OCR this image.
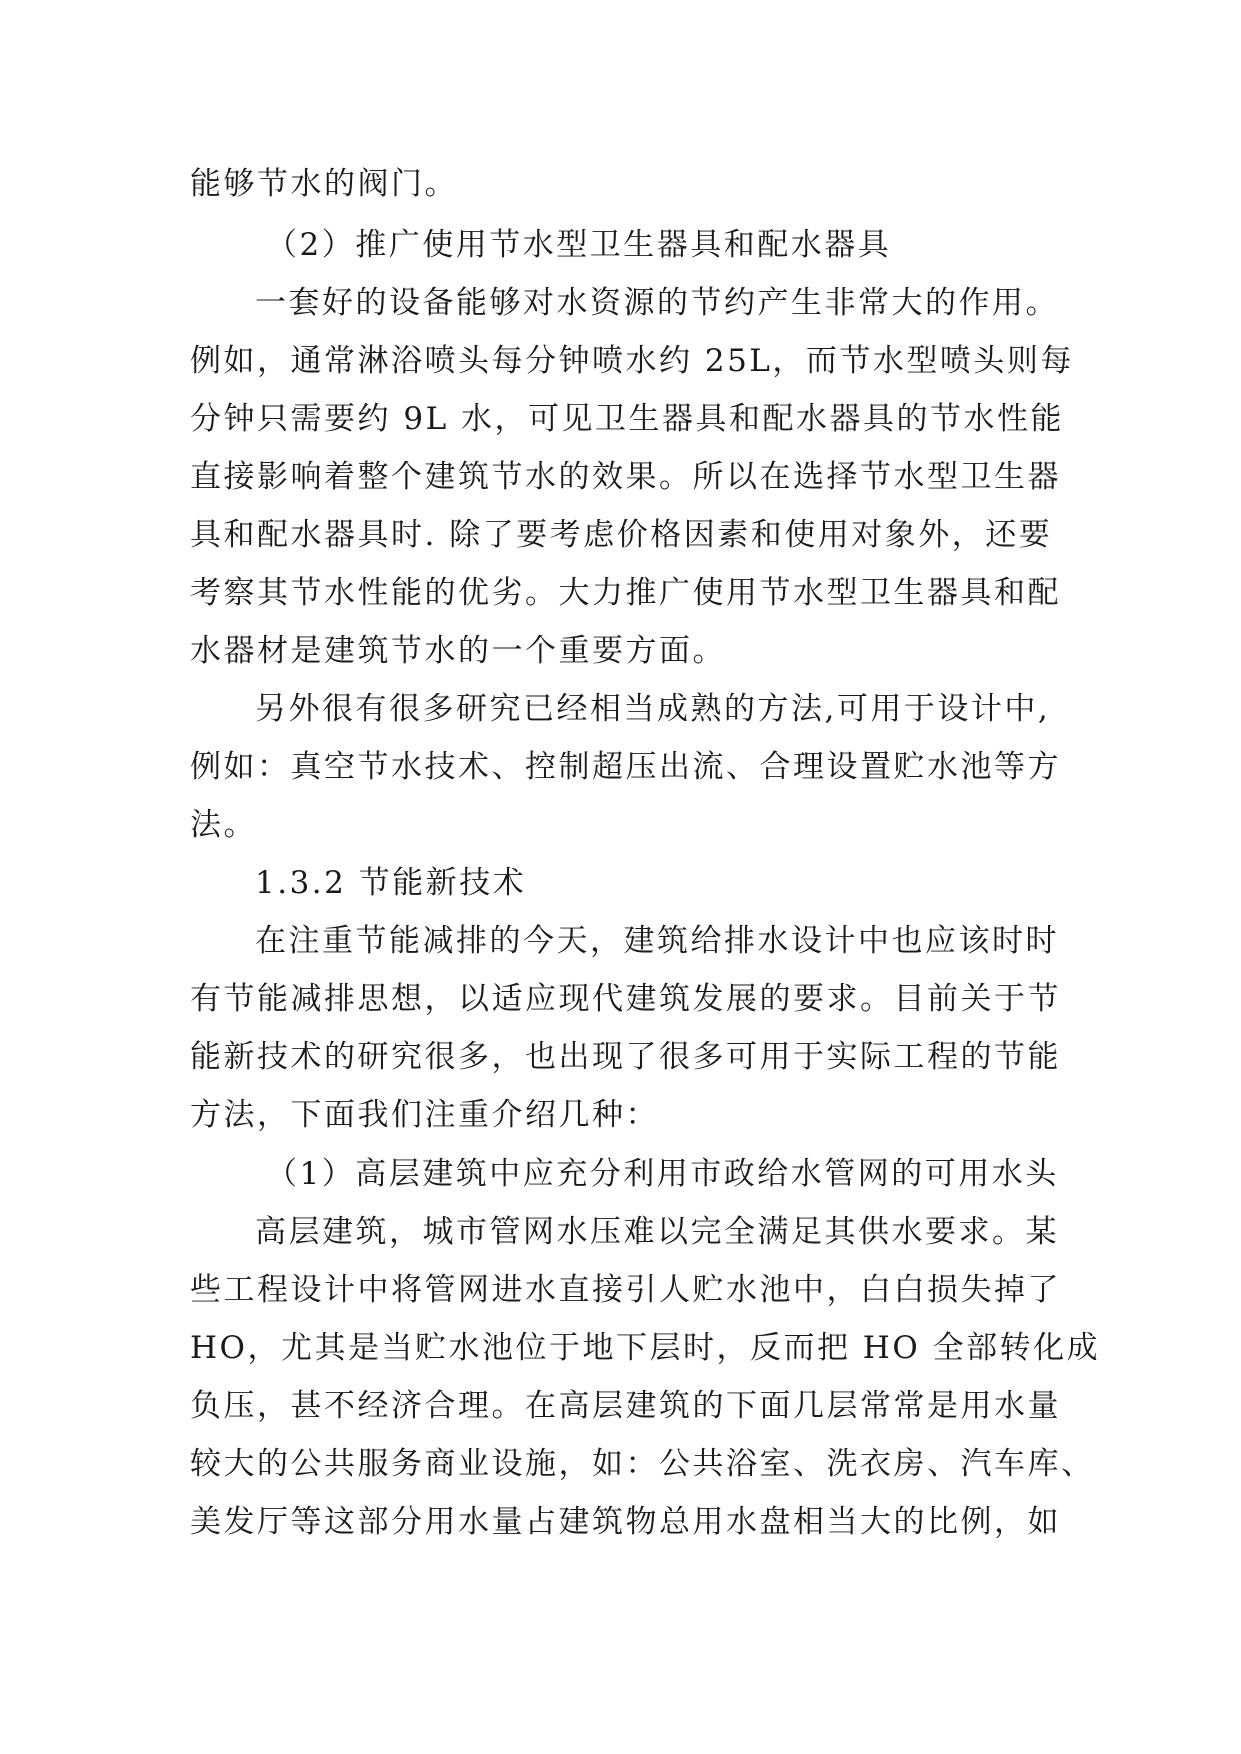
能够节水的阀门。
（2）推广使用节水型卫生器具和配水器具
一套好的设备能够对水资源的节约产生非常大的作用。
例如，通常淋浴喷头每分钟喷水约 25L，而节水型喷头则每
分钟只需要约 9L 水，可见卫生器具和配水器具的节水性能
直接影响着整个建筑节水的效果。所以在选择节水型卫生器
具和配水器具时. 除了要考虑价格因素和使用对象外，还要
考察其节水性能的优劣。大力推广使用节水型卫生器具和配
水器材是建筑节水的一个重要方面。
另外很有很多研究已经相当成熟的方法,可用于设计中,
例如：真空节水技术、控制超压出流、合理设置贮水池等方
法。
1.3.2 节能新技术
在注重节能减排的今天，建筑给排水设计中也应该时时
有节能减排思想，以适应现代建筑发展的要求。目前关于节
能新技术的研究很多，也出现了很多可用于实际工程的节能
方法，下面我们注重介绍几种：
（1）高层建筑中应充分利用市政给水管网的可用水头
高层建筑，城市管网水压难以完全满足其供水要求。某
些工程设计中将管网进水直接引人贮水池中，白白损失掉了
HO，尤其是当贮水池位于地下层时，反而把 HO 全部转化成
负压，甚不经济合理。在高层建筑的下面几层常常是用水量
较大的公共服务商业设施，如：公共浴室、洗衣房、汽车库、
美发厅等这部分用水量占建筑物总用水盘相当大的比例，如
